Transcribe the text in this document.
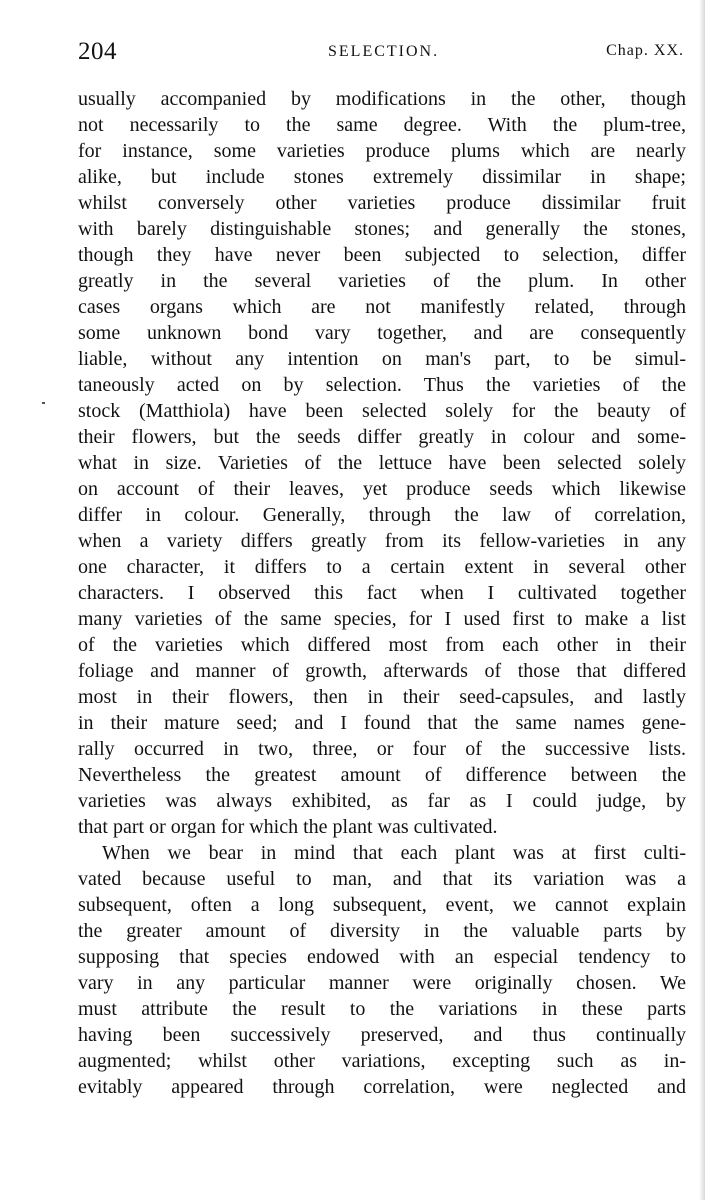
204	SELECTION.	Chap. XX.
usually accompanied by modifications in the other, though
not necessarily to the same degree. With the plum-tree,
for instance, some varieties produce plums which are nearly
alike, but include stones extremely dissimilar in shape;
whilst conversely other varieties produce dissimilar fruit
with barely distinguishable stones; and generally the stones,
though they have never been subjected to selection, differ
greatly in the several varieties of the plum. In other
cases organs which are not manifestly related, through
some unknown bond vary together, and are consequently
liable, without any intention on man's part, to be simul-
taneously acted on by selection. Thus the varieties of the
stock (Matthiola) have been selected solely for the beauty of
their flowers, but the seeds differ greatly in colour and some-
what in size. Varieties of the lettuce have been selected solely
on account of their leaves, yet produce seeds which likewise
differ in colour. Generally, through the law of correlation,
when a variety differs greatly from its fellow-varieties in any
one character, it differs to a certain extent in several other
characters. I observed this fact when I cultivated together
many varieties of the same species, for I used first to make a list
of the varieties which differed most from each other in their
foliage and manner of growth, afterwards of those that differed
most in their flowers, then in their seed-capsules, and lastly
in their mature seed; and I found that the same names gene-
rally occurred in two, three, or four of the successive lists.
Nevertheless the greatest amount of difference between the
varieties was always exhibited, as far as I could judge, by
that part or organ for which the plant was cultivated.
When we bear in mind that each plant was at first culti-
vated because useful to man, and that its variation was a
subsequent, often a long subsequent, event, we cannot explain
the greater amount of diversity in the valuable parts by
supposing that species endowed with an especial tendency to
vary in any particular manner were originally chosen. We
must attribute the result to the variations in these parts
having been successively preserved, and thus continually
augmented; whilst other variations, excepting such as in-
evitably appeared through correlation, were neglected and
